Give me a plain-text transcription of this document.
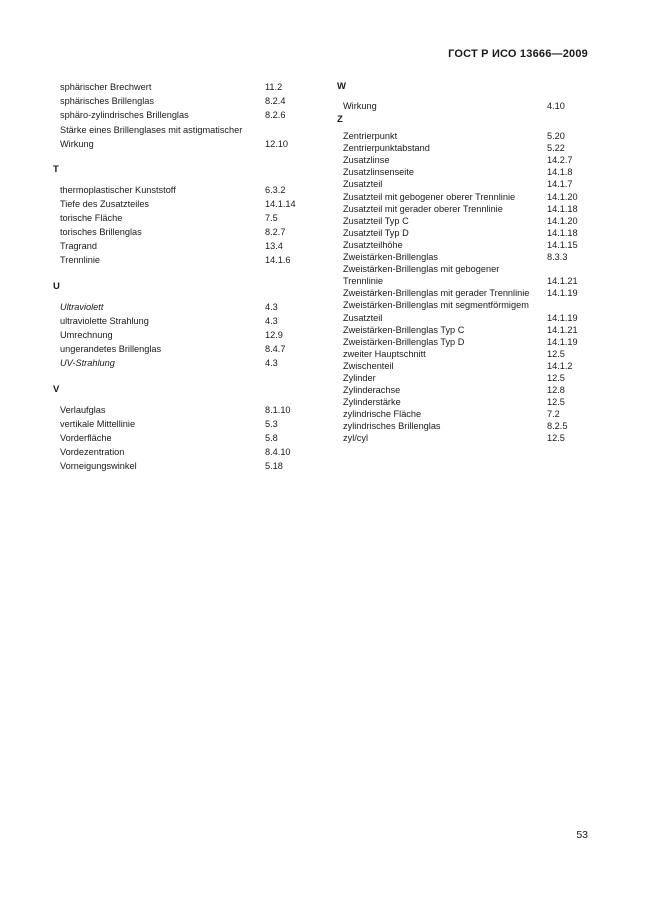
ГОСТ Р ИСО 13666—2009
sphärischer Brechwert	11.2
sphärisches Brillenglas	8.2.4
sphäro-zylindrisches Brillenglas	8.2.6
Stärke eines Brillenglases mit astigmatischer Wirkung	12.10
T
thermoplastischer Kunststoff	6.3.2
Tiefe des Zusatzteiles	14.1.14
torische Fläche	7.5
torisches Brillenglas	8.2.7
Tragrand	13.4
Trennlinie	14.1.6
U
Ultraviolett	4.3
ultraviolette Strahlung	4.3
Umrechnung	12.9
ungerandetes Brillenglas	8.4.7
UV-Strahlung	4.3
V
Verlaufglas	8.1.10
vertikale Mittellinie	5.3
Vorderfläche	5.8
Vordezentration	8.4.10
Vorneigungswinkel	5.18
W
Wirkung	4.10
Z
Zentrierpunkt	5.20
Zentrierpunktabstand	5.22
Zusatzlinse	14.2.7
Zusatzlinsenseite	14.1.8
Zusatzteil	14.1.7
Zusatzteil mit gebogener oberer Trennlinie	14.1.20
Zusatzteil mit gerader oberer Trennlinie	14.1.18
Zusatzteil Typ C	14.1.20
Zusatzteil Typ D	14.1.18
Zusatzteilhöhe	14.1.15
Zweistärken-Brillenglas	8.3.3
Zweistärken-Brillenglas mit gebogener Trennlinie	14.1.21
Zweistärken-Brillenglas mit gerader Trennlinie	14.1.19
Zweistärken-Brillenglas mit segmentförmigem Zusatzteil	14.1.19
Zweistärken-Brillenglas Typ C	14.1.21
Zweistärken-Brillenglas Typ D	14.1.19
zweiter Hauptschnitt	12.5
Zwischenteil	14.1.2
Zylinder	12.5
Zylinderachse	12.8
Zylinderstärke	12.5
zylindrische Fläche	7.2
zylindrisches Brillenglas	8.2.5
zyl/cyl	12.5
53
